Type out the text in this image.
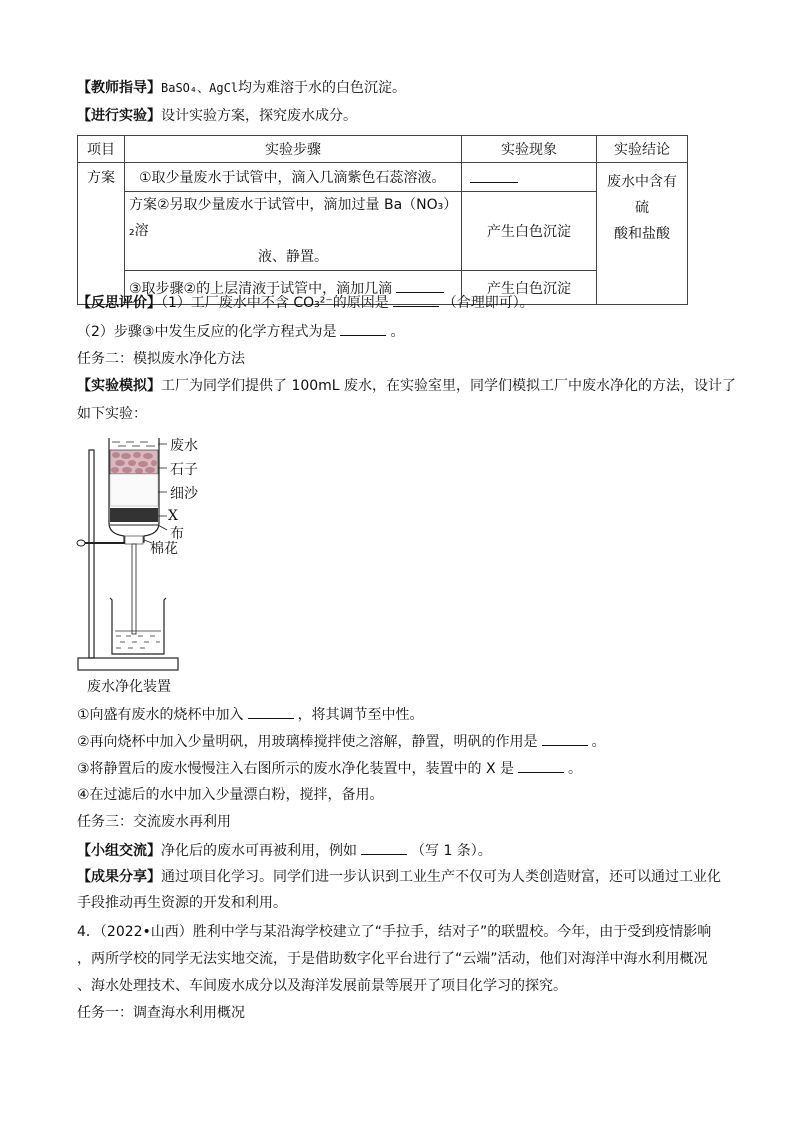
【教师指导】BaSO₄、AgCl均为难溶于水的白色沉淀。
【进行实验】设计实验方案，探究废水成分。
项目	实验步骤	实验现象	实验结论
方案	①取少量废水于试管中，滴入几滴紫色石蕊溶液。		废水中含有硫
酸和盐酸

	方案②另取少量废水于试管中，滴加过量 Ba（NO₃）₂溶
液、静置。	产生白色沉淀	
	③取步骤②的上层清液于试管中，滴加几滴	产生白色沉淀	
【反思评价】（1）工厂废水中不含 CO₃²⁻的原因是	（合理即可）。
（2）步骤③中发生反应的化学方程式为是	。
任务二：模拟废水净化方法
【实验模拟】工厂为同学们提供了 100mL 废水，在实验室里，同学们模拟工厂中废水净化的方法，设计了
如下实验：
废水
石子
细沙
X
布
棉花
废水净化装置
①向盛有废水的烧杯中加入	，将其调节至中性。
②再向烧杯中加入少量明矾，用玻璃棒搅拌使之溶解，静置，明矾的作用是	。
③将静置后的废水慢慢注入右图所示的废水净化装置中，装置中的 X 是	。
④在过滤后的水中加入少量漂白粉，搅拌，备用。
任务三：交流废水再利用
【小组交流】净化后的废水可再被利用，例如	（写 1 条）。
【成果分享】通过项目化学习。同学们进一步认识到工业生产不仅可为人类创造财富，还可以通过工业化
手段推动再生资源的开发和利用。
4．（2022•山西）胜利中学与某沿海学校建立了“手拉手，结对子”的联盟校。今年，由于受到疫情影响
，两所学校的同学无法实地交流，于是借助数字化平台进行了“云端”活动，他们对海洋中海水利用概况
、海水处理技术、车间废水成分以及海洋发展前景等展开了项目化学习的探究。
任务一：调查海水利用概况
